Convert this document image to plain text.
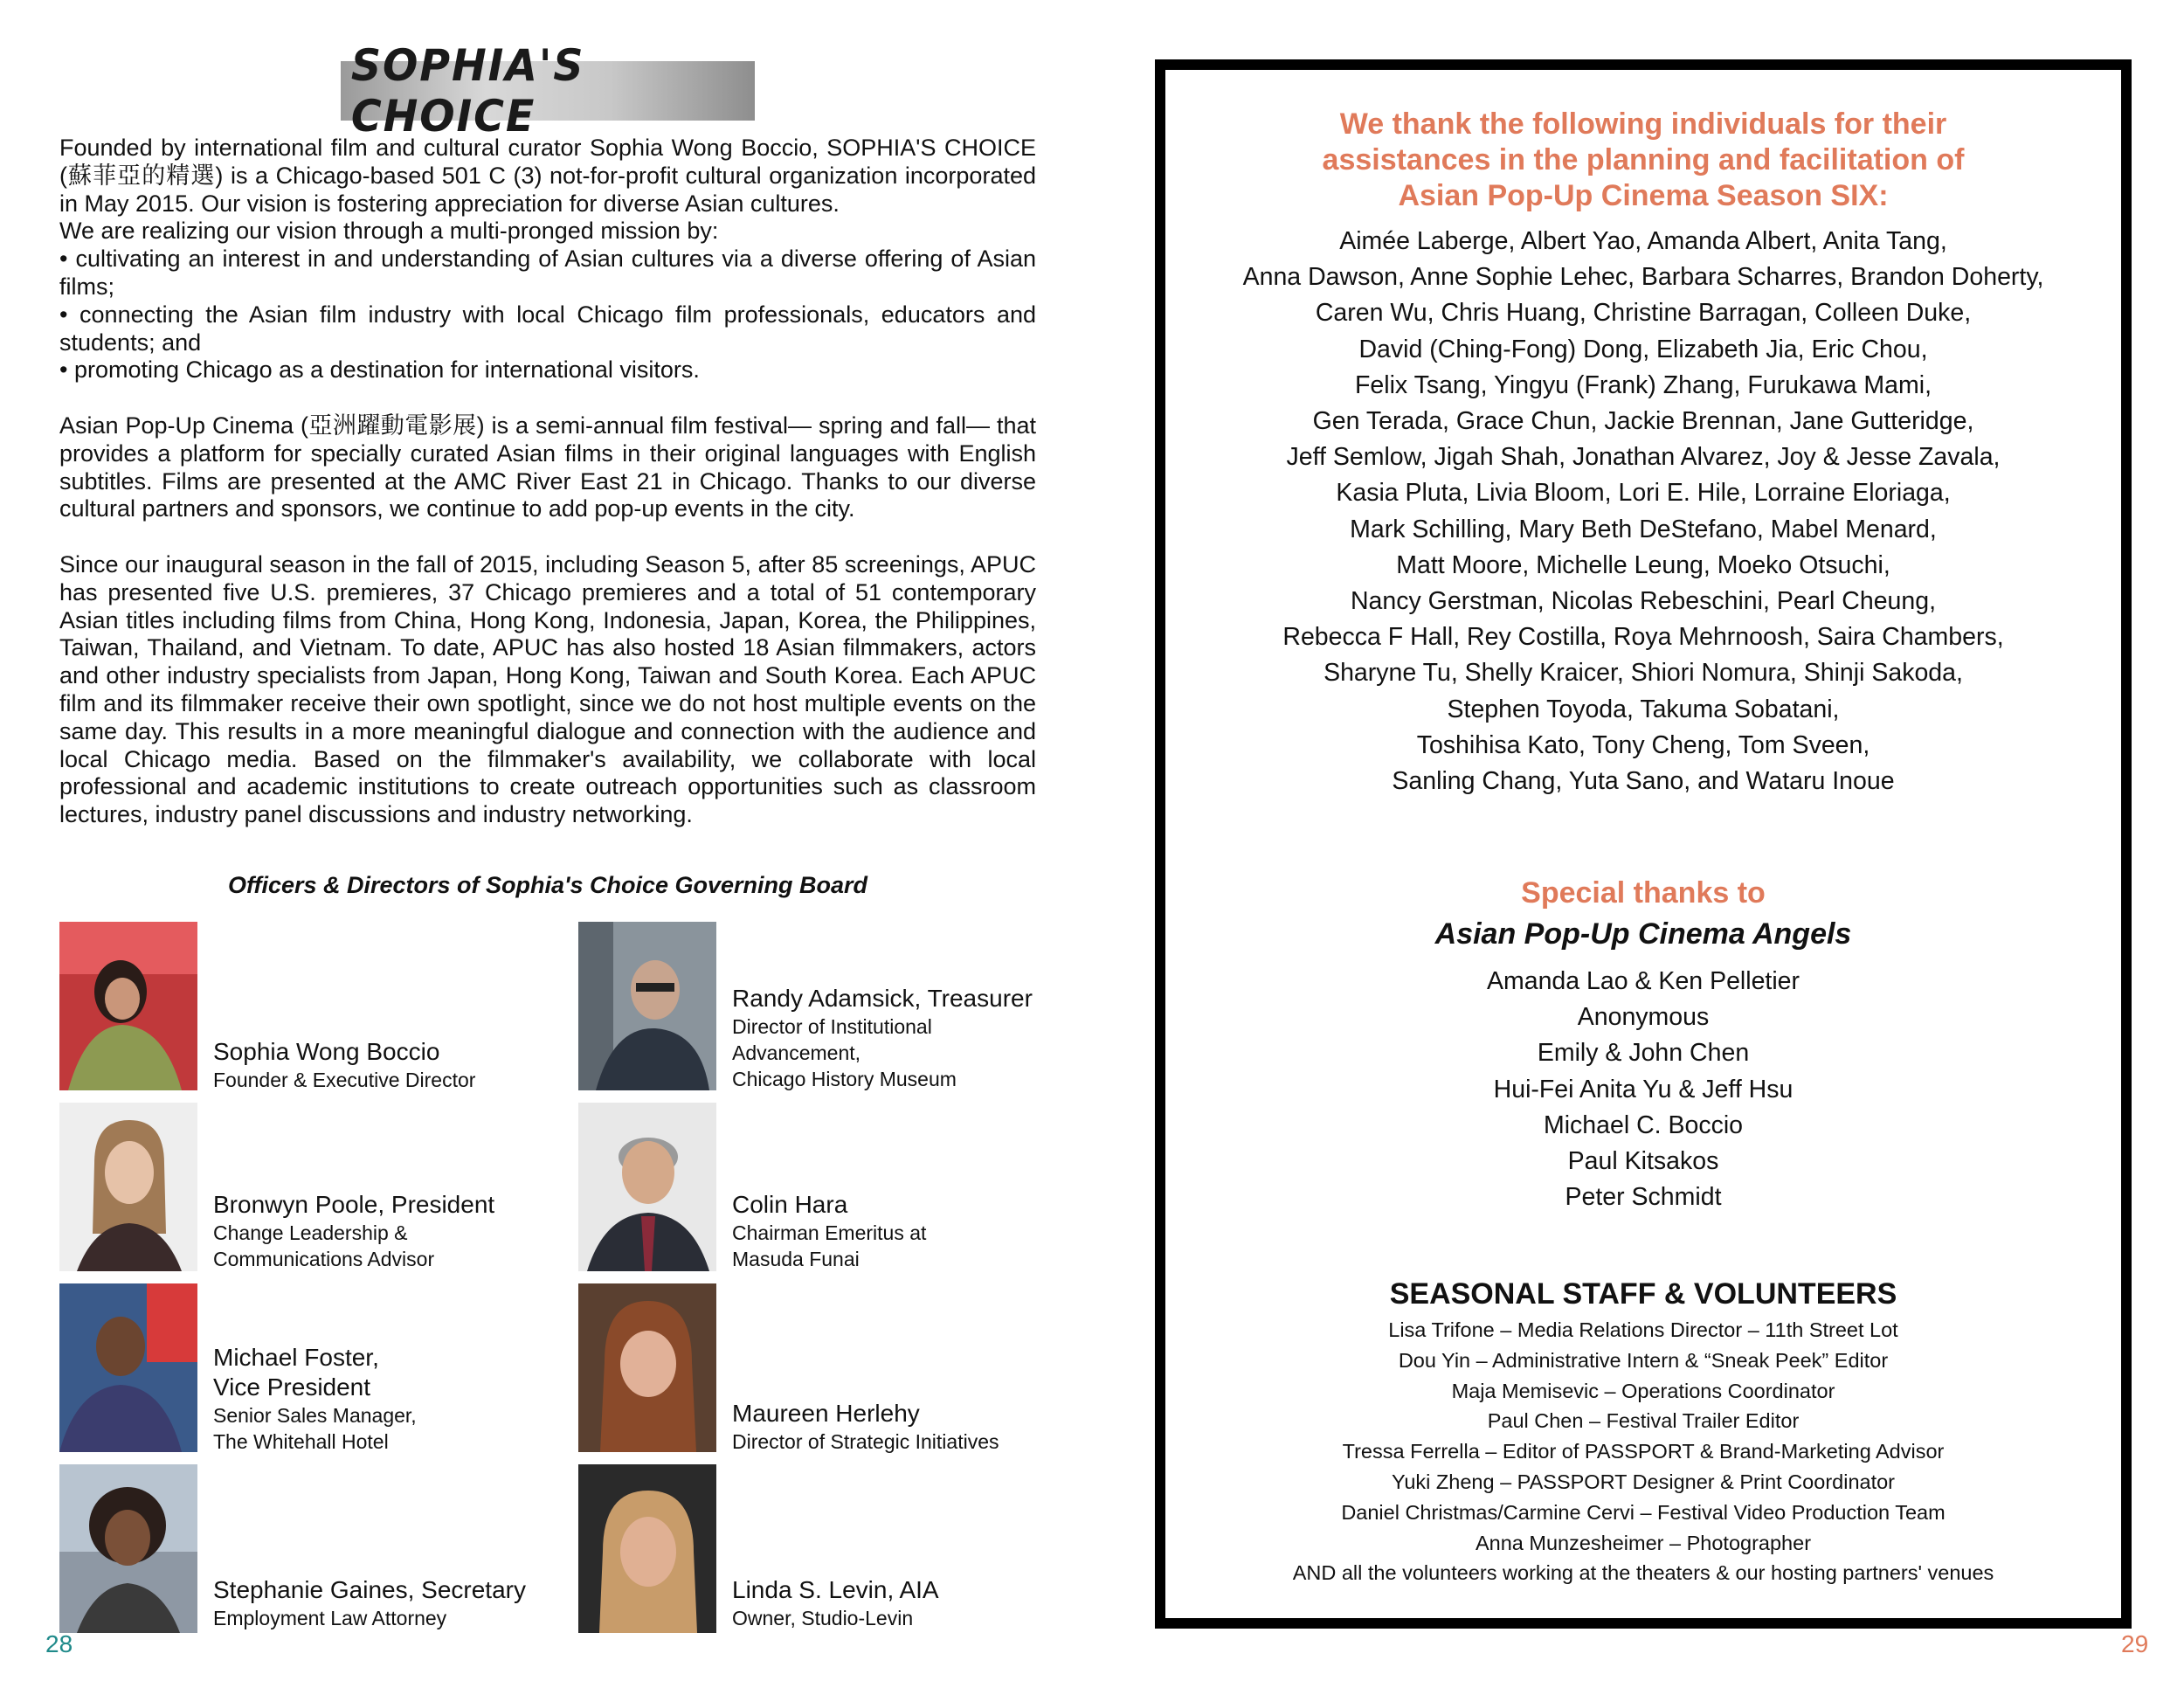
SOPHIA'S CHOICE

Founded by international film and cultural curator Sophia Wong Boccio, SOPHIA'S CHOICE (蘇菲亞的精選) is a Chicago-based 501 C (3) not-for-profit cultural organization incorporated in May 2015. Our vision is fostering appreciation for diverse Asian cultures.

We are realizing our vision through a multi-pronged mission by:

• cultivating an interest in and understanding of Asian cultures via a diverse offering of Asian films;

• connecting the Asian film industry with local Chicago film professionals, educators and students; and

• promoting Chicago as a destination for international visitors.

Asian Pop-Up Cinema (亞洲躍動電影展) is a semi-annual film festival— spring and fall— that provides a platform for specially curated Asian films in their original languages with English subtitles. Films are presented at the AMC River East 21 in Chicago. Thanks to our diverse cultural partners and sponsors, we continue to add pop-up events in the city.

Since our inaugural season in the fall of 2015, including Season 5, after 85 screenings, APUC has presented five U.S. premieres, 37 Chicago premieres and a total of 51 contemporary Asian titles including films from China, Hong Kong, Indonesia, Japan, Korea, the Philippines, Taiwan, Thailand, and Vietnam. To date, APUC has also hosted 18 Asian filmmakers, actors and other industry specialists from Japan, Hong Kong, Taiwan and South Korea. Each APUC film and its filmmaker receive their own spotlight, since we do not host multiple events on the same day. This results in a more meaningful dialogue and connection with the audience and local Chicago media. Based on the filmmaker's availability, we collaborate with local professional and academic institutions to create outreach opportunities such as classroom lectures, industry panel discussions and industry networking.

Officers & Directors of Sophia's Choice Governing Board
Sophia Wong Boccio
Founder & Executive Director
Randy Adamsick, Treasurer
Director of Institutional
Advancement,
Chicago History Museum
Bronwyn Poole, President
Change Leadership &
Communications Advisor
Colin Hara
Chairman Emeritus at
Masuda Funai
Michael Foster,
Vice President
Senior Sales Manager,
The Whitehall Hotel
Maureen Herlehy
Director of Strategic Initiatives
Stephanie Gaines, Secretary
Employment Law Attorney
Linda S. Levin, AIA
Owner, Studio-Levin
28
We thank the following individuals for their
assistances in the planning and facilitation of
Asian Pop-Up Cinema Season SIX:
Aimée Laberge, Albert Yao, Amanda Albert, Anita Tang,
Anna Dawson, Anne Sophie Lehec, Barbara Scharres, Brandon Doherty,
Caren Wu, Chris Huang, Christine Barragan, Colleen Duke,
David (Ching-Fong) Dong, Elizabeth Jia, Eric Chou,
Felix Tsang, Yingyu (Frank) Zhang, Furukawa Mami,
Gen Terada, Grace Chun, Jackie Brennan, Jane Gutteridge,
Jeff Semlow, Jigah Shah, Jonathan Alvarez, Joy & Jesse Zavala,
Kasia Pluta, Livia Bloom, Lori E. Hile, Lorraine Eloriaga,
Mark Schilling, Mary Beth DeStefano, Mabel Menard,
Matt Moore, Michelle Leung, Moeko Otsuchi,
Nancy Gerstman, Nicolas Rebeschini, Pearl Cheung,
Rebecca F Hall, Rey Costilla, Roya Mehrnoosh, Saira Chambers,
Sharyne Tu, Shelly Kraicer, Shiori Nomura, Shinji Sakoda,
Stephen Toyoda, Takuma Sobatani,
Toshihisa Kato, Tony Cheng, Tom Sveen,
Sanling Chang, Yuta Sano, and Wataru Inoue
Special thanks to
Asian Pop-Up Cinema Angels
Amanda Lao & Ken Pelletier
Anonymous
Emily & John Chen
Hui-Fei Anita Yu & Jeff Hsu
Michael C. Boccio
Paul Kitsakos
Peter Schmidt
SEASONAL STAFF & VOLUNTEERS
Lisa Trifone – Media Relations Director – 11th Street Lot
Dou Yin – Administrative Intern & “Sneak Peek” Editor
Maja Memisevic – Operations Coordinator
Paul Chen – Festival Trailer Editor
Tressa Ferrella – Editor of PASSPORT & Brand-Marketing Advisor
Yuki Zheng – PASSPORT Designer & Print Coordinator
Daniel Christmas/Carmine Cervi – Festival Video Production Team
Anna Munzesheimer – Photographer
AND all the volunteers working at the theaters & our hosting partners' venues
29
